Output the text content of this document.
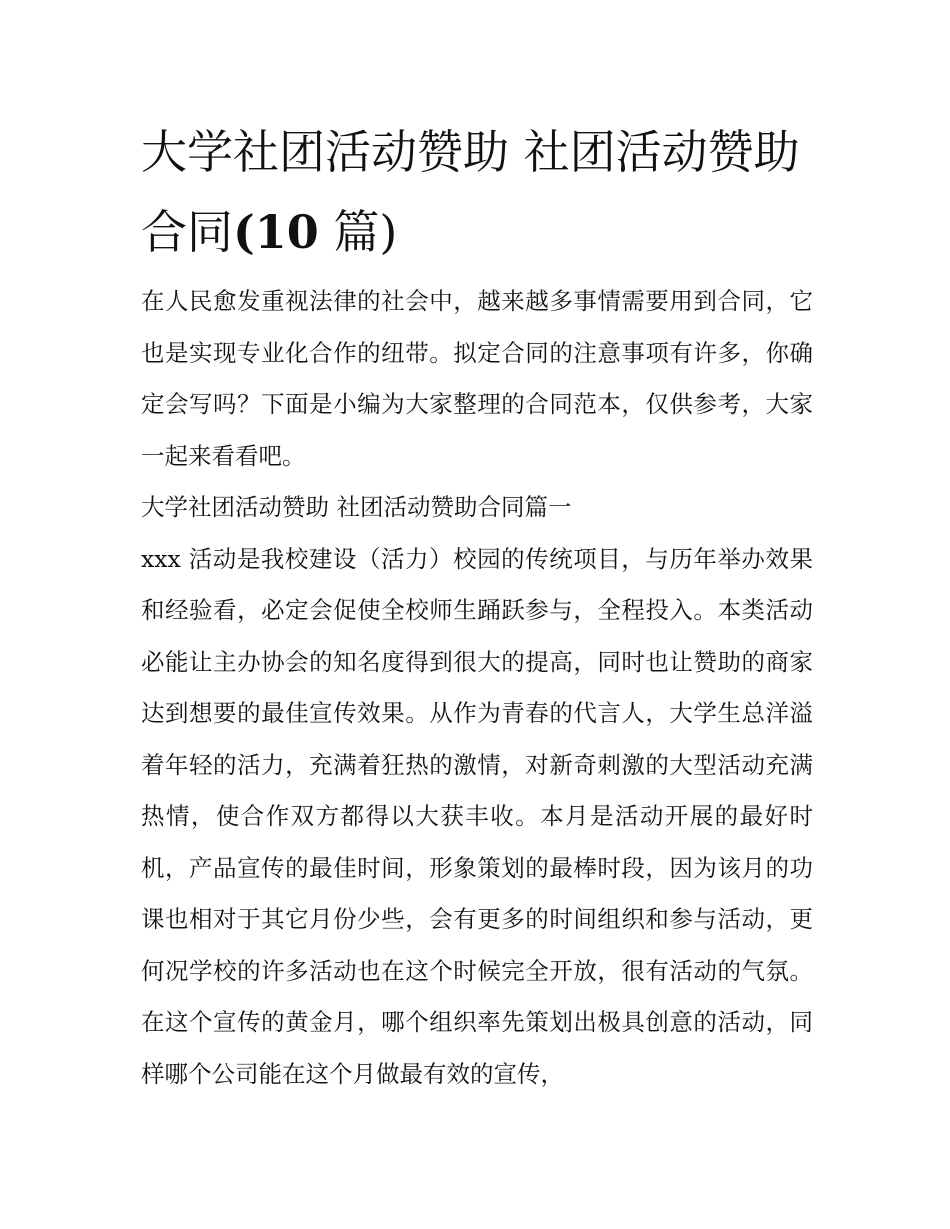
大学社团活动赞助 社团活动赞助合同(10 篇)

在人民愈发重视法律的社会中，越来越多事情需要用到合同，它也是实现专业化合作的纽带。拟定合同的注意事项有许多，你确定会写吗？下面是小编为大家整理的合同范本，仅供参考，大家一起来看看吧。

大学社团活动赞助 社团活动赞助合同篇一

xxx 活动是我校建设（活力）校园的传统项目，与历年举办效果和经验看，必定会促使全校师生踊跃参与，全程投入。本类活动必能让主办协会的知名度得到很大的提高，同时也让赞助的商家达到想要的最佳宣传效果。从作为青春的代言人，大学生总洋溢着年轻的活力，充满着狂热的激情，对新奇刺激的大型活动充满热情，使合作双方都得以大获丰收。本月是活动开展的最好时机，产品宣传的最佳时间，形象策划的最棒时段，因为该月的功课也相对于其它月份少些，会有更多的时间组织和参与活动，更何况学校的许多活动也在这个时候完全开放，很有活动的气氛。在这个宣传的黄金月，哪个组织率先策划出极具创意的活动，同样哪个公司能在这个月做最有效的宣传，
